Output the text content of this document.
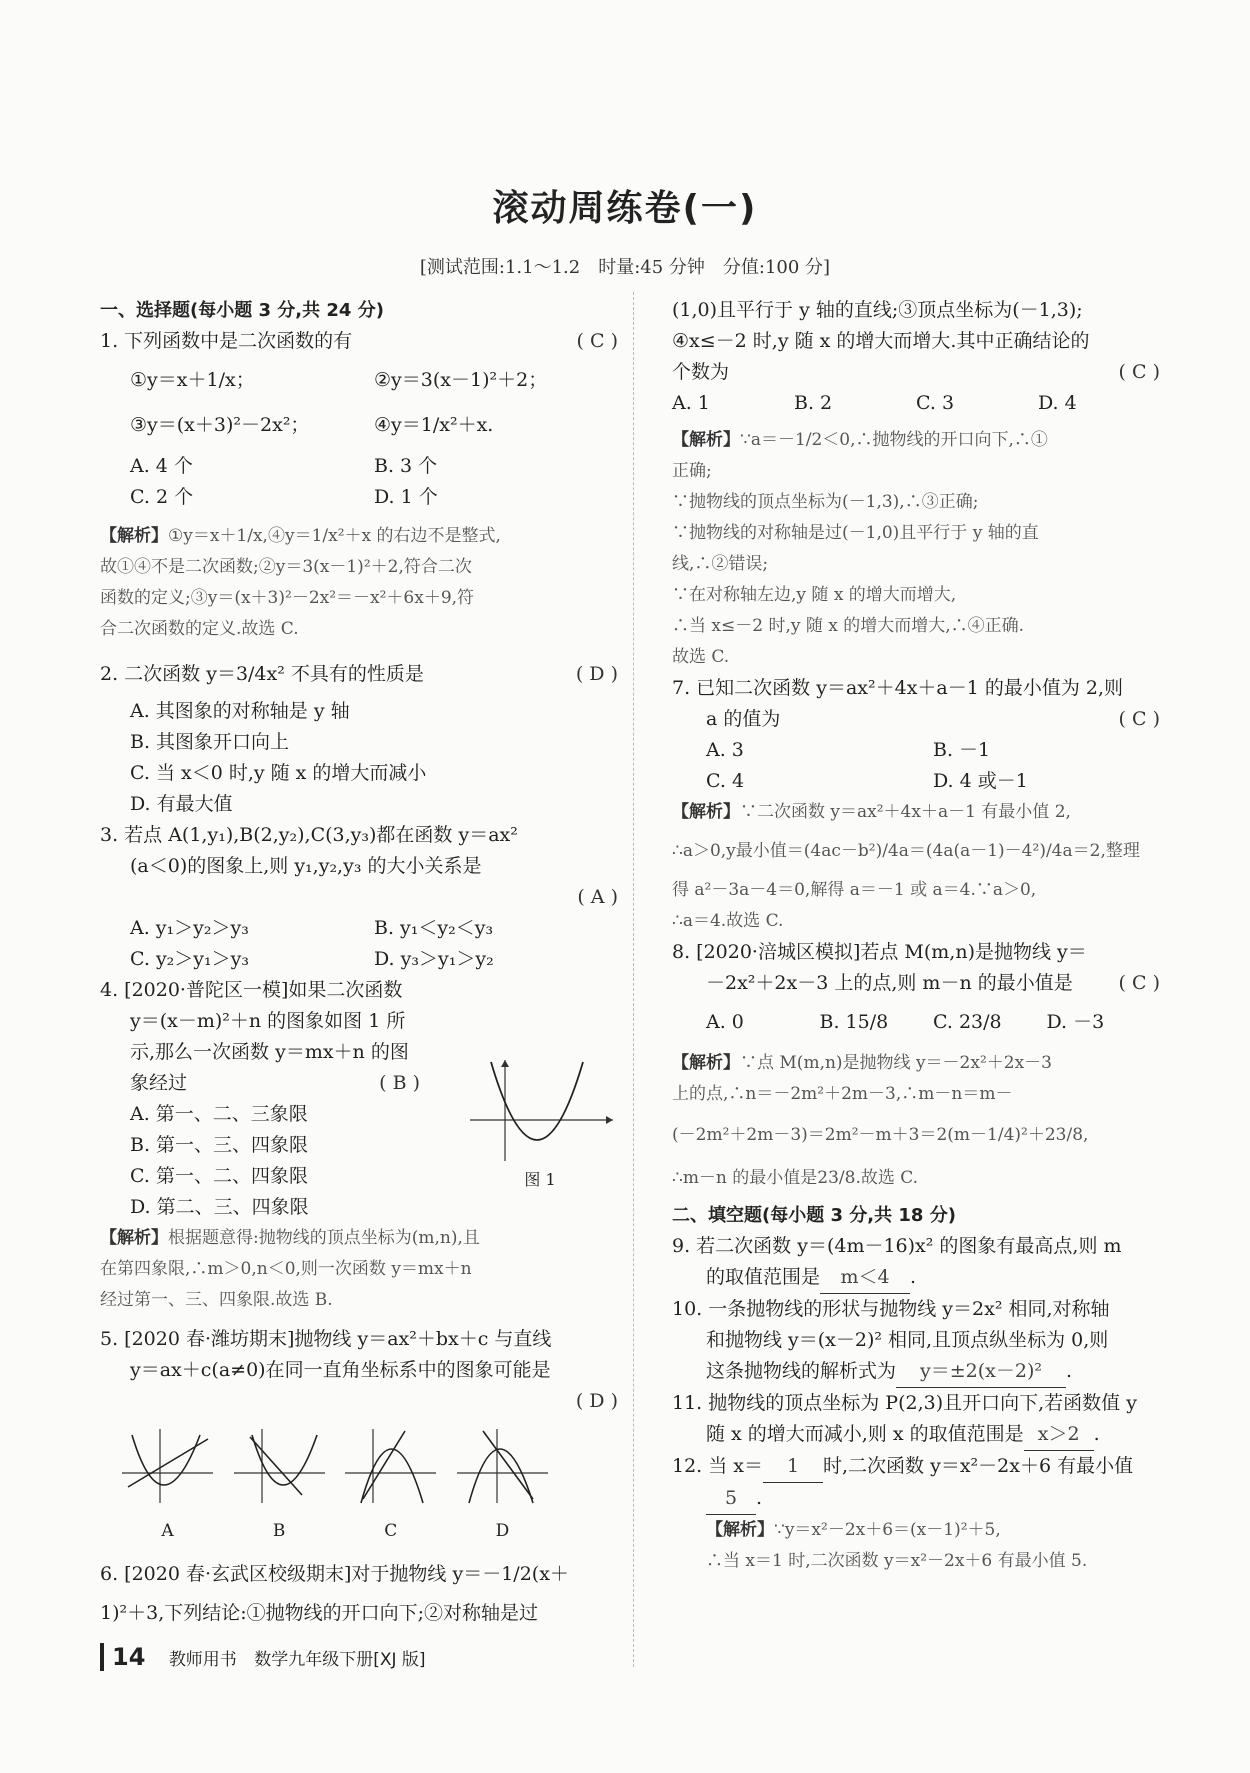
滚动周练卷(一)
[测试范围:1.1～1.2　时量:45 分钟　分值:100 分]
一、选择题(每小题 3 分,共 24 分)
1. 下列函数中是二次函数的有	( C )
①y＝x＋1/x；	②y＝3(x－1)²＋2；
③y＝(x＋3)²－2x²；	④y＝1/x²＋x.
A. 4 个	B. 3 个
C. 2 个	D. 1 个
【解析】①y＝x＋1/x,④y＝1/x²＋x 的右边不是整式,
故①④不是二次函数;②y＝3(x－1)²＋2,符合二次
函数的定义;③y＝(x＋3)²－2x²＝－x²＋6x＋9,符
合二次函数的定义.故选 C.
2. 二次函数 y＝3/4x² 不具有的性质是	( D )
A. 其图象的对称轴是 y 轴
B. 其图象开口向上
C. 当 x＜0 时,y 随 x 的增大而减小
D. 有最大值
3. 若点 A(1,y₁),B(2,y₂),C(3,y₃)都在函数 y＝ax²
(a＜0)的图象上,则 y₁,y₂,y₃ 的大小关系是
( A )

A. y₁＞y₂＞y₃	B. y₁＜y₂＜y₃
C. y₂＞y₁＞y₃	D. y₃＞y₁＞y₂
4. [2020·普陀区一模]如果二次函数
y＝(x－m)²＋n 的图象如图 1 所
示,那么一次函数 y＝mx＋n 的图
象经过	( B )
A. 第一、二、三象限
B. 第一、三、四象限
C. 第一、二、四象限
D. 第二、三、四象限
【解析】根据题意得:抛物线的顶点坐标为(m,n),且
在第四象限,∴m＞0,n＜0,则一次函数 y＝mx＋n
经过第一、三、四象限.故选 B.
5. [2020 春·潍坊期末]抛物线 y＝ax²＋bx＋c 与直线
y＝ax＋c(a≠0)在同一直角坐标系中的图象可能是
( D )

A	B	C	D
6. [2020 春·玄武区校级期末]对于抛物线 y＝－1/2(x＋
1)²＋3,下列结论:①抛物线的开口向下;②对称轴是过
图 1
(1,0)且平行于 y 轴的直线;③顶点坐标为(－1,3);
④x≤－2 时,y 随 x 的增大而增大.其中正确结论的
个数为	( C )
A. 1	B. 2	C. 3	D. 4
【解析】∵a＝－1/2＜0,∴抛物线的开口向下,∴①
正确;
∵抛物线的顶点坐标为(－1,3),∴③正确;
∵抛物线的对称轴是过(－1,0)且平行于 y 轴的直
线,∴②错误;
∵在对称轴左边,y 随 x 的增大而增大,
∴当 x≤－2 时,y 随 x 的增大而增大,∴④正确.
故选 C.
7. 已知二次函数 y＝ax²＋4x＋a－1 的最小值为 2,则
a 的值为	( C )
A. 3	B. －1
C. 4	D. 4 或－1
【解析】∵二次函数 y＝ax²＋4x＋a－1 有最小值 2,
∴a＞0,y最小值＝(4ac－b²)/4a＝(4a(a－1)－4²)/4a＝2,整理
得 a²－3a－4＝0,解得 a＝－1 或 a＝4.∵a＞0,
∴a＝4.故选 C.
8. [2020·涪城区模拟]若点 M(m,n)是抛物线 y＝
－2x²＋2x－3 上的点,则 m－n 的最小值是 ( C )
A. 0	B. 15/8	C. 23/8	D. －3
【解析】∵点 M(m,n)是抛物线 y＝－2x²＋2x－3
上的点,∴n＝－2m²＋2m－3,∴m－n＝m－
(－2m²＋2m－3)＝2m²－m＋3＝2(m－1/4)²＋23/8,
∴m－n 的最小值是23/8.故选 C.
二、填空题(每小题 3 分,共 18 分)
9. 若二次函数 y＝(4m－16)x² 的图象有最高点,则 m
的取值范围是 m＜4 .
10. 一条抛物线的形状与抛物线 y＝2x² 相同,对称轴
和抛物线 y＝(x－2)² 相同,且顶点纵坐标为 0,则
这条抛物线的解析式为 y＝±2(x－2)² .
11. 抛物线的顶点坐标为 P(2,3)且开口向下,若函数值 y
随 x 的增大而减小,则 x 的取值范围是 x＞2 .
12. 当 x＝ 1 时,二次函数 y＝x²－2x＋6 有最小值
5 .
【解析】∵y＝x²－2x＋6＝(x－1)²＋5,
∴当 x＝1 时,二次函数 y＝x²－2x＋6 有最小值 5.
14 教师用书 数学九年级下册[XJ 版]
